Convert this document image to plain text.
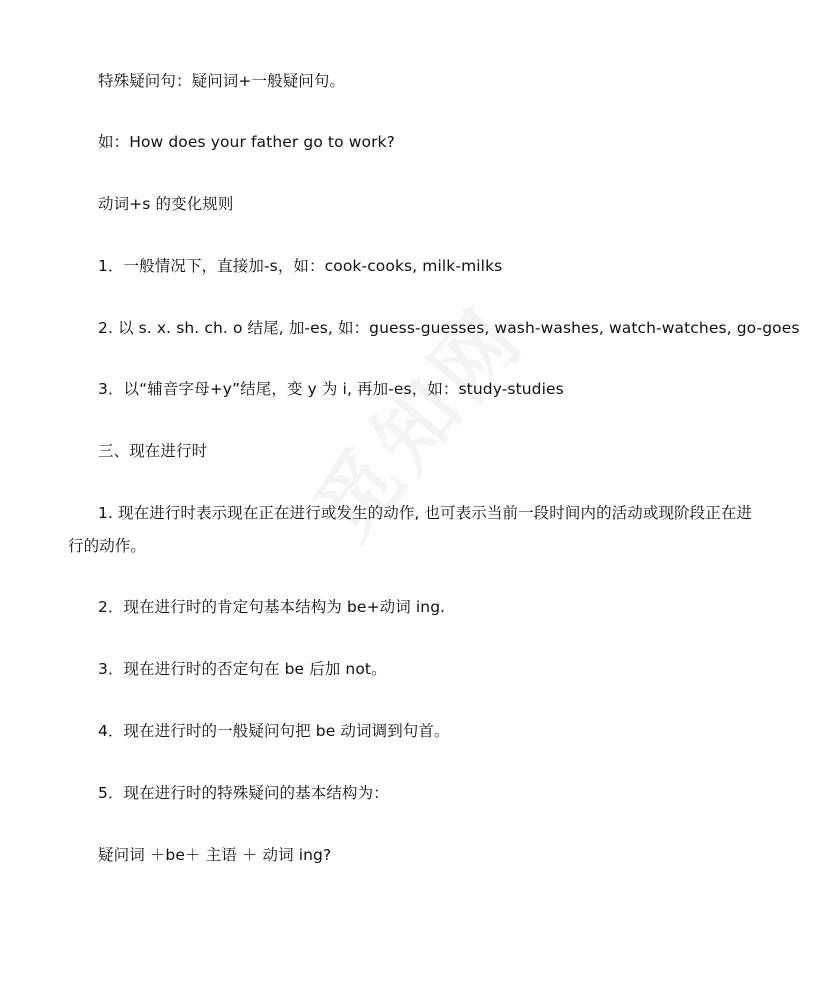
特殊疑问句：疑问词+一般疑问句。
如：How does your father go to work?
动词+s 的变化规则
1．一般情况下，直接加-s，如：cook-cooks, milk-milks
2. 以 s. x. sh. ch. o 结尾, 加-es, 如：guess-guesses, wash-washes, watch-watches, go-goes
3．以“辅音字母+y”结尾，变 y 为 i, 再加-es，如：study-studies
三、现在进行时
1. 现在进行时表示现在正在进行或发生的动作, 也可表示当前一段时间内的活动或现阶段正在进
行的动作。
2．现在进行时的肯定句基本结构为 be+动词 ing.
3．现在进行时的否定句在 be 后加 not。
4．现在进行时的一般疑问句把 be 动词调到句首。
5．现在进行时的特殊疑问的基本结构为：
疑问词 ＋be＋ 主语 ＋ 动词 ing?
